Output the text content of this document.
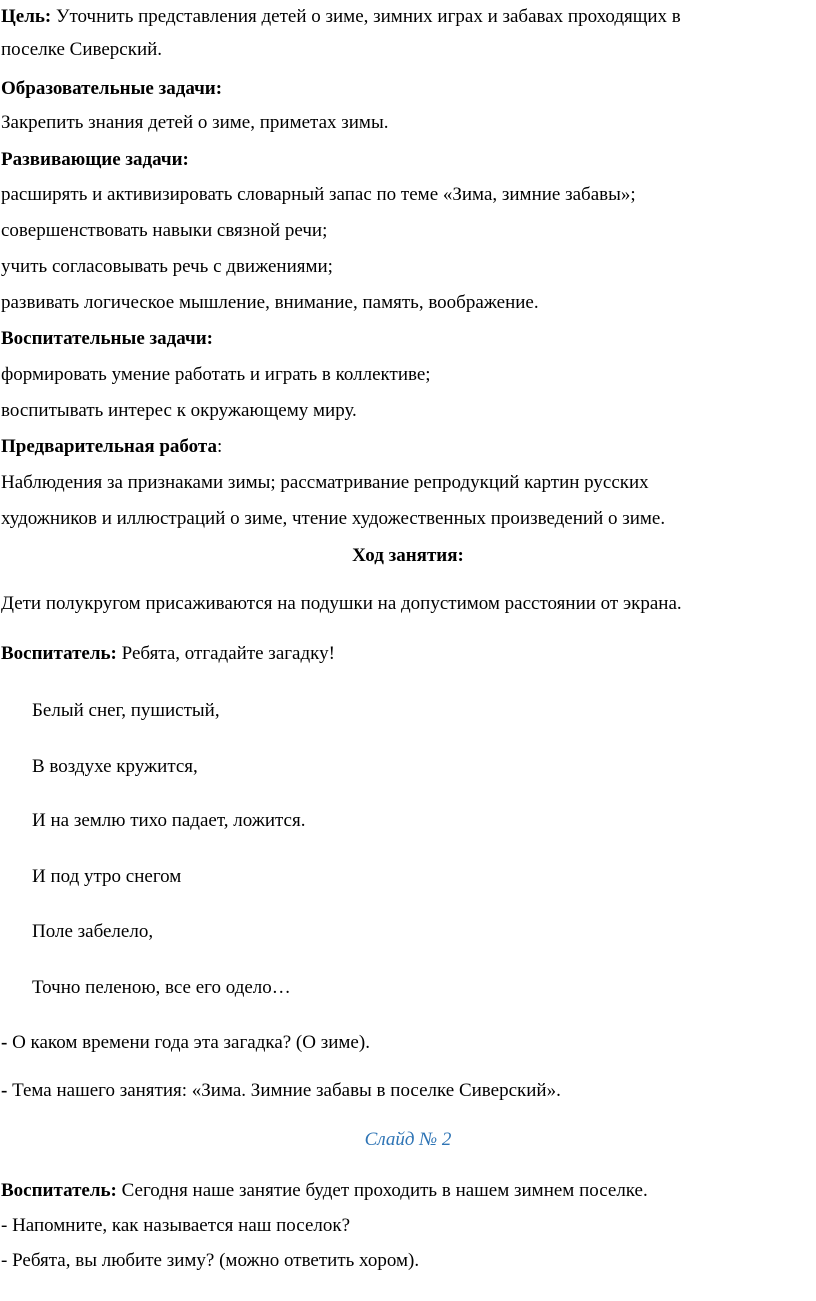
Цель: Уточнить представления детей о зиме, зимних играх и забавах проходящих в
поселке Сиверский.
Образовательные задачи:
Закрепить знания детей о зиме, приметах зимы.
Развивающие задачи:
расширять и активизировать словарный запас по теме «Зима, зимние забавы»;
совершенствовать навыки связной речи;
учить согласовывать речь с движениями;
развивать логическое мышление, внимание, память, воображение.
Воспитательные задачи:
формировать умение работать и играть в коллективе;
воспитывать интерес к окружающему миру.
Предварительная работа:
Наблюдения за признаками зимы; рассматривание репродукций картин русских
художников и иллюстраций о зиме, чтение художественных произведений о зиме.
Ход занятия:
Дети полукругом присаживаются на подушки на допустимом расстоянии от экрана.
Воспитатель: Ребята, отгадайте загадку!
Белый снег, пушистый,
В воздухе кружится,
И на землю тихо падает, ложится.
И под утро снегом
Поле забелело,
Точно пеленою, все его одело…
- О каком времени года эта загадка? (О зиме).
- Тема нашего занятия: «Зима. Зимние забавы в поселке Сиверский».
Слайд № 2
Воспитатель: Сегодня наше занятие будет проходить в нашем зимнем поселке.
- Напомните, как называется наш поселок?
- Ребята, вы любите зиму? (можно ответить хором).
